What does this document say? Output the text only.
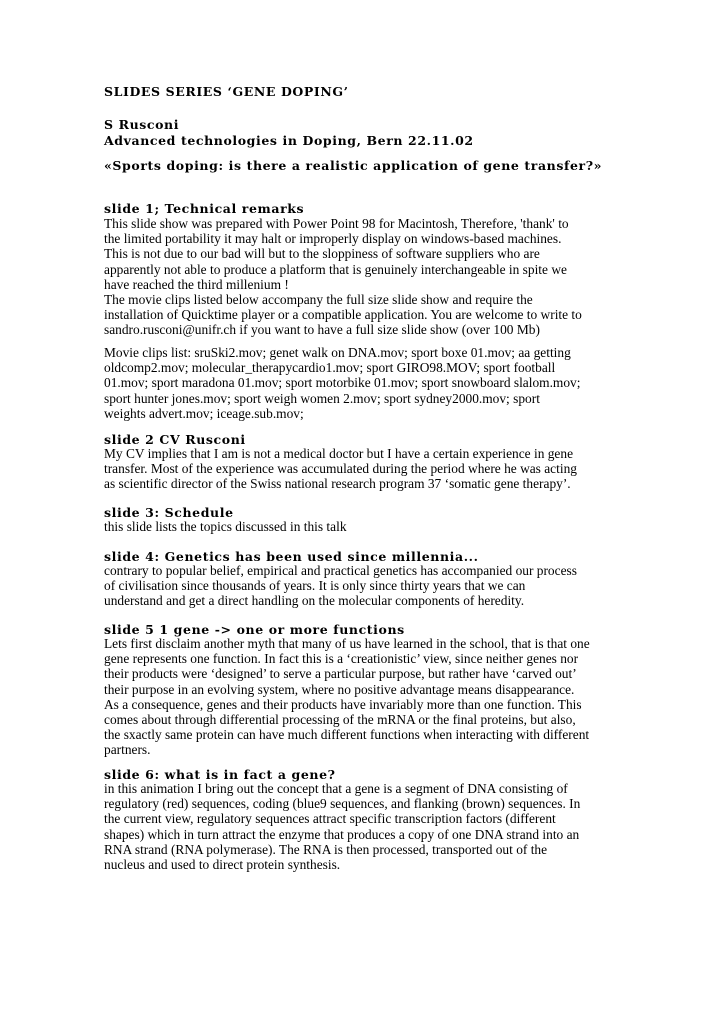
SLIDES SERIES ‘GENE DOPING’

S Rusconi

Advanced technologies in Doping, Bern 22.11.02

«Sports doping: is there a realistic application of gene transfer?»

slide 1; Technical remarks

This slide show was prepared with Power Point 98 for Macintosh, Therefore, 'thank' to
the limited portability it may halt or improperly display on windows-based machines.
This is not due to our bad will but to the sloppiness of software suppliers who are
apparently not able to produce a platform that is genuinely interchangeable in spite we
have reached the third millenium !
The movie clips listed below accompany the full size slide show and require the
installation of Quicktime player or a compatible application. You are welcome to write to
sandro.rusconi@unifr.ch if you want to have a full size slide show (over 100 Mb)
Movie clips list: sruSki2.mov; genet walk on DNA.mov; sport boxe 01.mov; aa getting
oldcomp2.mov; molecular_therapycardio1.mov; sport GIRO98.MOV; sport football
01.mov; sport maradona 01.mov; sport motorbike 01.mov; sport snowboard slalom.mov;
sport hunter jones.mov; sport weigh women 2.mov; sport sydney2000.mov; sport
weights advert.mov; iceage.sub.mov;

slide 2 CV Rusconi

My CV implies that I am is not a medical doctor but I have a certain experience in gene
transfer. Most of the experience was accumulated during the period where he was acting
as scientific director of the Swiss national research program 37 ‘somatic gene therapy’.

slide 3: Schedule

this slide lists the topics discussed in this talk

slide 4: Genetics has been used since millennia...

contrary to popular belief, empirical and practical genetics has accompanied our process
of civilisation since thousands of years. It is only since thirty years that we can
understand and get a direct handling on the molecular components of heredity.

slide 5 1 gene -> one or more functions

Lets first disclaim another myth that many of us have learned in the school, that is that one
gene represents one function. In fact this is a ‘creationistic’ view, since neither genes nor
their products were ‘designed’ to serve a particular purpose, but rather have ‘carved out’
their purpose in an evolving system, where no positive advantage means disappearance.
As a consequence, genes and their products have invariably more than one function. This
comes about through differential processing of the mRNA or the final proteins, but also,
the sxactly same protein can have much different functions when interacting with different
partners.

slide 6: what is in fact a gene?

in this animation I bring out the concept that a gene is a segment of DNA consisting of
regulatory (red) sequences, coding (blue9 sequences, and flanking (brown) sequences. In
the current view, regulatory sequences attract specific transcription factors (different
shapes) which in turn attract the enzyme that produces a copy of one DNA strand into an
RNA strand (RNA polymerase). The RNA is then processed, transported out of the
nucleus and used to direct protein synthesis.
